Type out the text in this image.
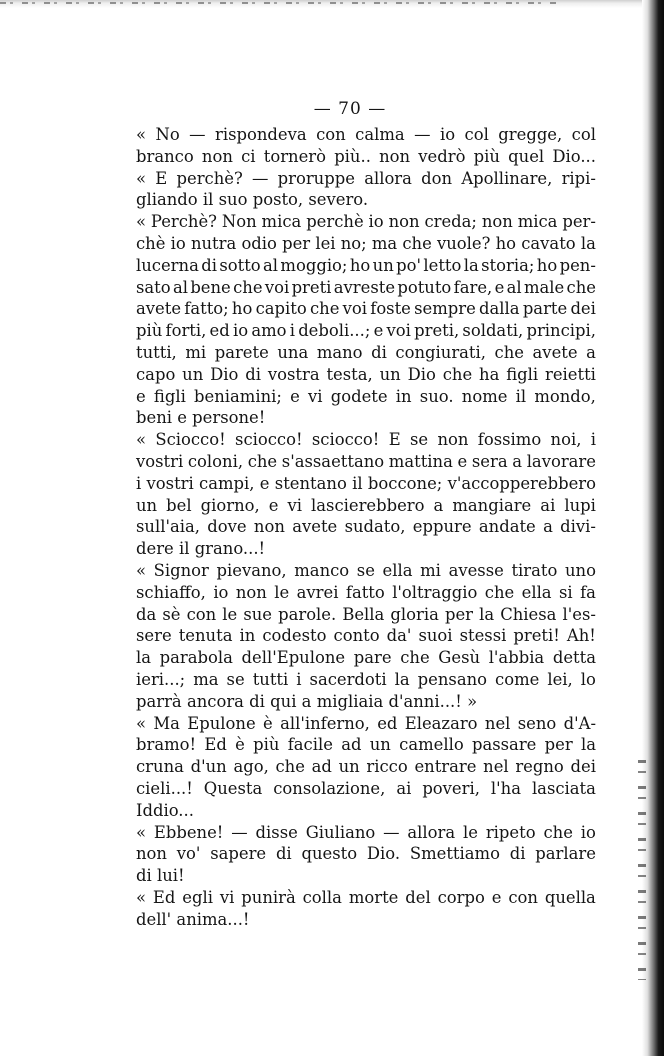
— 70 —
« No — rispondeva con calma — io col gregge, col
branco non ci tornerò più.. non vedrò più quel Dio...
« E perchè? — proruppe allora don Apollinare, ripi-
gliando il suo posto, severo.
« Perchè? Non mica perchè io non creda; non mica per-
chè io nutra odio per lei no; ma che vuole? ho cavato la
lucerna di sotto al moggio; ho un po' letto la storia; ho pen-
sato al bene che voi preti avreste potuto fare, e al male che
avete fatto; ho capito che voi foste sempre dalla parte dei
più forti, ed io amo i deboli...; e voi preti, soldati, principi,
tutti, mi parete una mano di congiurati, che avete a
capo un Dio di vostra testa, un Dio che ha figli reietti
e figli beniamini; e vi godete in suo. nome il mondo,
beni e persone!
« Sciocco! sciocco! sciocco! E se non fossimo noi, i
vostri coloni, che s'assaettano mattina e sera a lavorare
i vostri campi, e stentano il boccone; v'accopperebbero
un bel giorno, e vi lascierebbero a mangiare ai lupi
sull'aia, dove non avete sudato, eppure andate a divi-
dere il grano...!
« Signor pievano, manco se ella mi avesse tirato uno
schiaffo, io non le avrei fatto l'oltraggio che ella si fa
da sè con le sue parole. Bella gloria per la Chiesa l'es-
sere tenuta in codesto conto da' suoi stessi preti! Ah!
la parabola dell'Epulone pare che Gesù l'abbia detta
ieri...; ma se tutti i sacerdoti la pensano come lei, lo
parrà ancora di qui a migliaia d'anni...! »
« Ma Epulone è all'inferno, ed Eleazaro nel seno d'A-
bramo! Ed è più facile ad un camello passare per la
cruna d'un ago, che ad un ricco entrare nel regno dei
cieli...! Questa consolazione, ai poveri, l'ha lasciata
Iddio...
« Ebbene! — disse Giuliano — allora le ripeto che io
non vo' sapere di questo Dio. Smettiamo di parlare
di lui!
« Ed egli vi punirà colla morte del corpo e con quella
dell' anima...!
